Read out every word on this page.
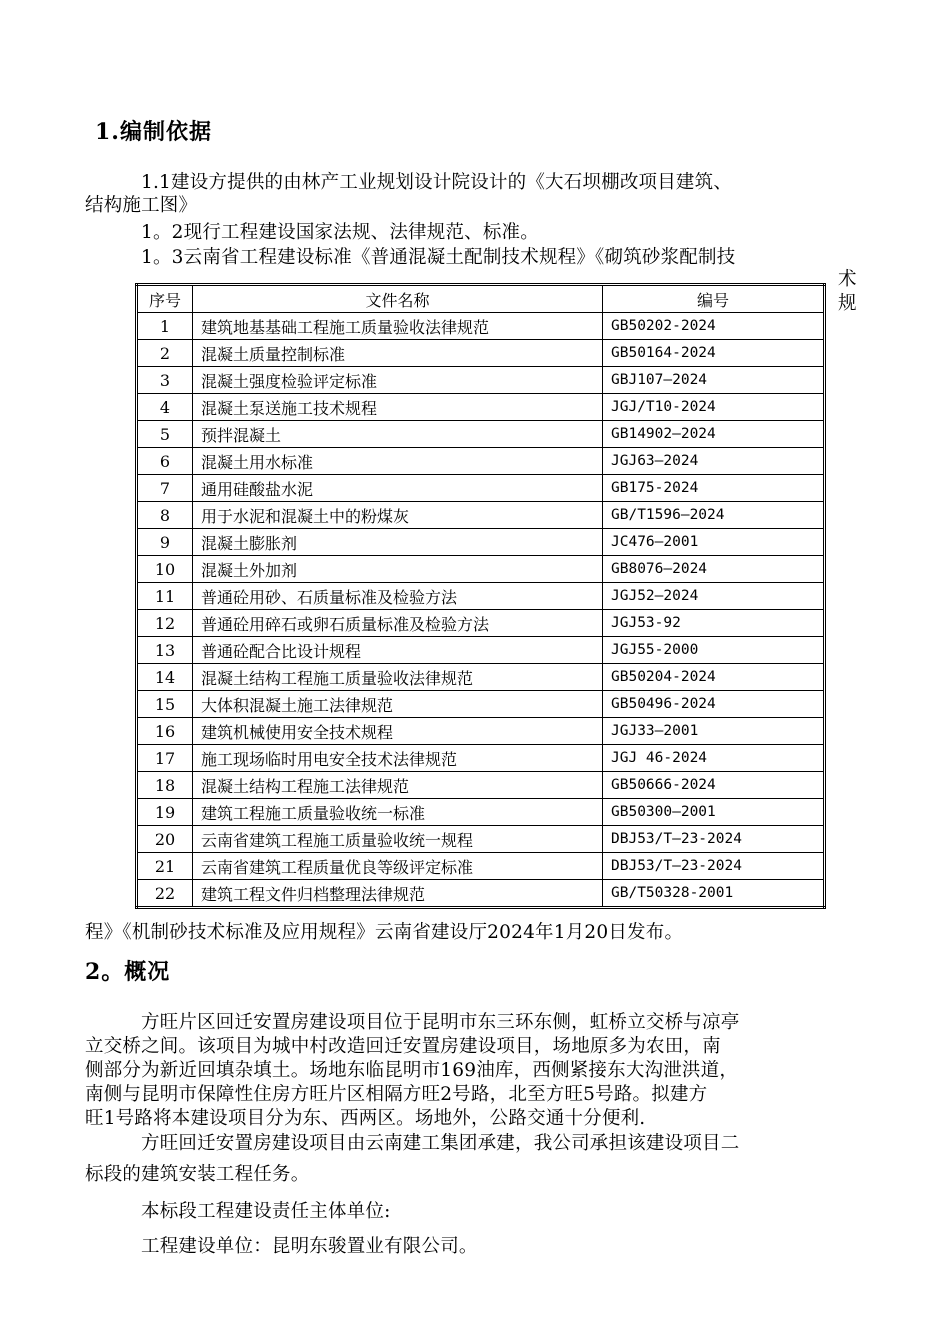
1.编制依据
1.1建设方提供的由林产工业规划设计院设计的《大石坝棚改项目建筑、
结构施工图》
1。2现行工程建设国家法规、法律规范、标准。
1。3云南省工程建设标准《普通混凝土配制技术规程》《砌筑砂浆配制技
术规
序号	文件名称	编号
1	建筑地基基础工程施工质量验收法律规范	GB50202-2024
2	混凝土质量控制标准	GB50164-2024
3	混凝土强度检验评定标准	GBJ107—2024
4	混凝土泵送施工技术规程	JGJ/T10-2024
5	预拌混凝土	GB14902—2024
6	混凝土用水标准	JGJ63—2024
7	通用硅酸盐水泥	GB175-2024
8	用于水泥和混凝土中的粉煤灰	GB/T1596—2024
9	混凝土膨胀剂	JC476—2001
10	混凝土外加剂	GB8076—2024
11	普通砼用砂、石质量标准及检验方法	JGJ52—2024
12	普通砼用碎石或卵石质量标准及检验方法	JGJ53-92
13	普通砼配合比设计规程	JGJ55-2000
14	混凝土结构工程施工质量验收法律规范	GB50204-2024
15	大体积混凝土施工法律规范	GB50496-2024
16	建筑机械使用安全技术规程	JGJ33—2001
17	施工现场临时用电安全技术法律规范	JGJ 46-2024
18	混凝土结构工程施工法律规范	GB50666-2024
19	建筑工程施工质量验收统一标准	GB50300—2001
20	云南省建筑工程施工质量验收统一规程	DBJ53/T—23-2024
21	云南省建筑工程质量优良等级评定标准	DBJ53/T—23-2024
22	建筑工程文件归档整理法律规范	GB/T50328-2001
程》《机制砂技术标准及应用规程》云南省建设厅2024年1月20日发布。
2。概况
方旺片区回迁安置房建设项目位于昆明市东三环东侧，虹桥立交桥与凉亭
立交桥之间。该项目为城中村改造回迁安置房建设项目，场地原多为农田，南
侧部分为新近回填杂填土。场地东临昆明市169油库，西侧紧接东大沟泄洪道，
南侧与昆明市保障性住房方旺片区相隔方旺2号路，北至方旺5号路。拟建方
旺1号路将本建设项目分为东、西两区。场地外，公路交通十分便利.
方旺回迁安置房建设项目由云南建工集团承建，我公司承担该建设项目二
标段的建筑安装工程任务。
本标段工程建设责任主体单位:
工程建设单位：昆明东骏置业有限公司。
